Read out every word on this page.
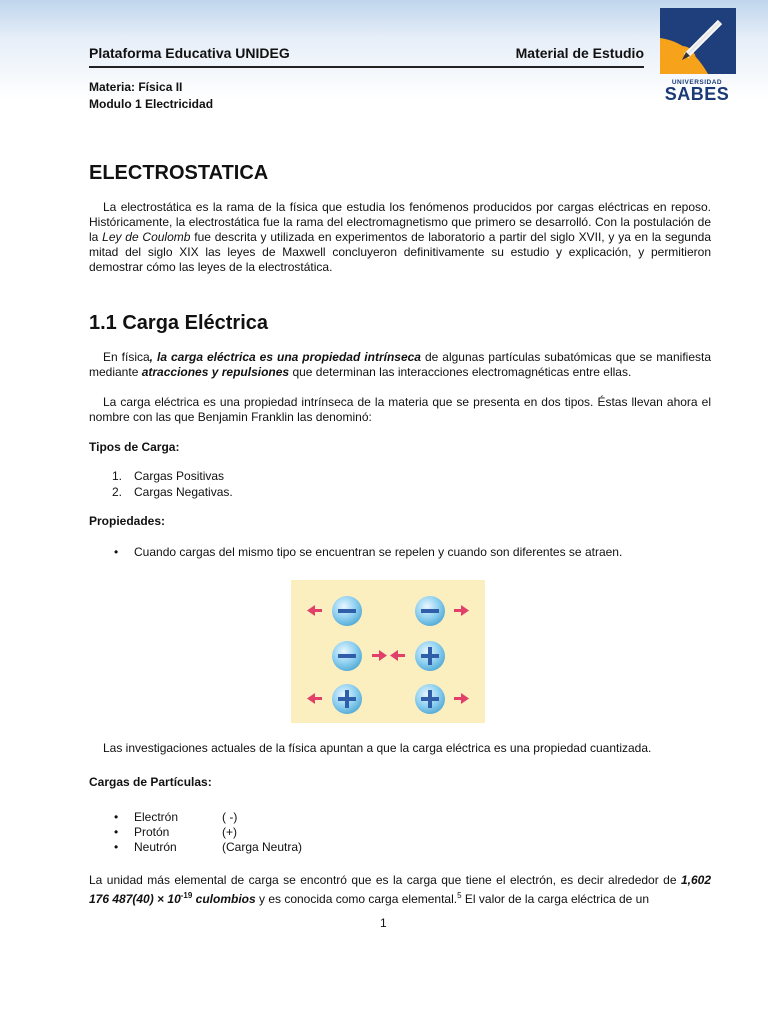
Plataforma Educativa UNIDEG	Material de Estudio
Materia: Física II
Modulo 1 Electricidad
UNIVERSIDAD
SABES
ELECTROSTATICA
La electrostática es la rama de la física que estudia los fenómenos producidos por cargas eléctricas en reposo. Históricamente, la electrostática fue la rama del electromagnetismo que primero se desarrolló. Con la postulación de la Ley de Coulomb fue descrita y utilizada en experimentos de laboratorio a partir del siglo XVII, y ya en la segunda mitad del siglo XIX las leyes de Maxwell concluyeron definitivamente su estudio y explicación, y permitieron demostrar cómo las leyes de la electrostática.
1.1 Carga Eléctrica
En física, la carga eléctrica es una propiedad intrínseca de algunas partículas subatómicas que se manifiesta mediante atracciones y repulsiones que determinan las interacciones electromagnéticas entre ellas.
La carga eléctrica es una propiedad intrínseca de la materia que se presenta en dos tipos. Éstas llevan ahora el nombre con las que Benjamin Franklin las denominó:
Tipos de Carga:
1. Cargas Positivas
2. Cargas Negativas.
Propiedades:
• Cuando cargas del mismo tipo se encuentran se repelen y cuando son diferentes se atraen.
Las investigaciones actuales de la física apuntan a que la carga eléctrica es una propiedad cuantizada.
Cargas de Partículas:
• Electrón	( -)
• Protón	(+)
• Neutrón	(Carga Neutra)
La unidad más elemental de carga se encontró que es la carga que tiene el electrón, es decir alrededor de 1,602 176 $487(40) \times 10^{-19}$ culombios y es conocida como carga elemental.$^5$ El valor de la carga eléctrica de un
1
